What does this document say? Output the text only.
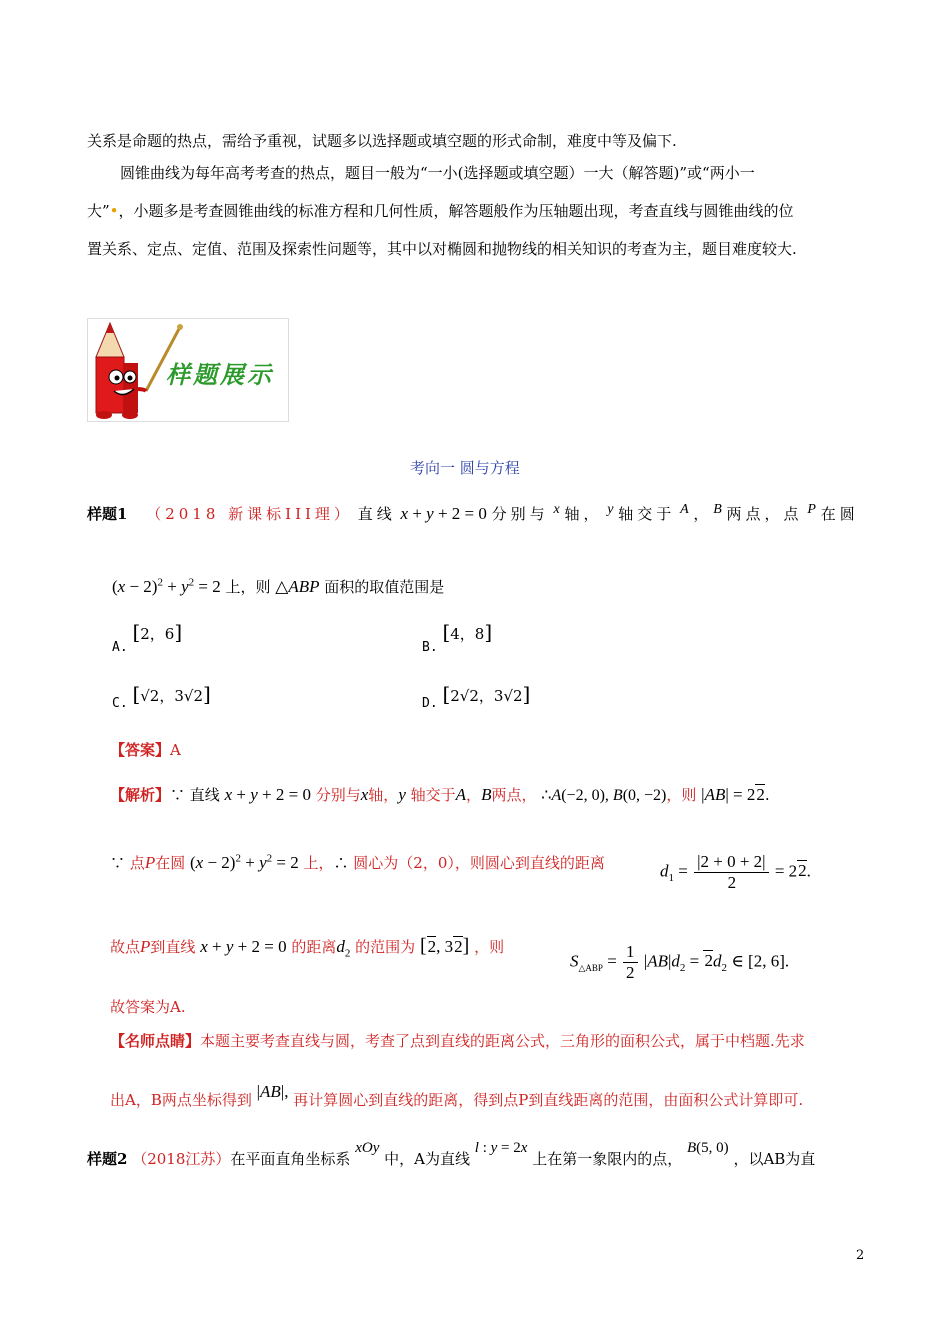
关系是命题的热点，需给予重视，试题多以选择题或填空题的形式命制，难度中等及偏下.
圆锥曲线为每年高考考查的热点，题目一般为“一小(选择题或填空题）一大（解答题)”或“两小一
大”•，小题多是考查圆锥曲线的标准方程和几何性质，解答题般作为压轴题出现，考查直线与圆锥曲线的位
置关系、定点、定值、范围及探索性问题等，其中以对椭圆和抛物线的相关知识的考查为主，题目难度较大.
样题展示
考向一 圆与方程
样题1 （2018 新课标III理） 直线 x + y + 2 = 0 分别与 $^x$ 轴， $^y$ 轴交于 $^A$ ， $^B$ 两点，点 $^P$ 在圆
$(x - 2)^2 + y^2 = 2$ 上，则 △ABP 面积的取值范围是
A. [2，6]
B. [4，8]
C. [√2，3√2]	D. [2√2，3√2]
【答案】A
【解析】∵ 直线 x + y + 2 = 0 分别与x轴，y 轴交于A，B两点， ∴A(−2, 0), B(0, −2)，则 |AB| = 22.
∵ 点P在圆 $(x - 2)^2 + y^2 = 2$ 上，∴ 圆心为（2，0），则圆心到直线的距离	$d_1 = \frac{|2 + 0 + 2|}{2} = 22$.
故点P到直线 x + y + 2 = 0 的距离$d_2$ 的范围为 [2, 32] ，则
$S_{\triangle ABP} = \frac{1}{2} |AB|d_2 = 2d_2$ ∈ [2, 6].
故答案为A.
【名师点睛】本题主要考查直线与圆，考查了点到直线的距离公式，三角形的面积公式，属于中档题.先求
出A，B两点坐标得到 |AB|, 再计算圆心到直线的距离，得到点P到直线距离的范围，由面积公式计算即可.
样题2 （2018江苏）在平面直角坐标系 xOy 中，A为直线 l : y = 2x 上在第一象限内的点， B(5, 0) ，以AB为直
2
